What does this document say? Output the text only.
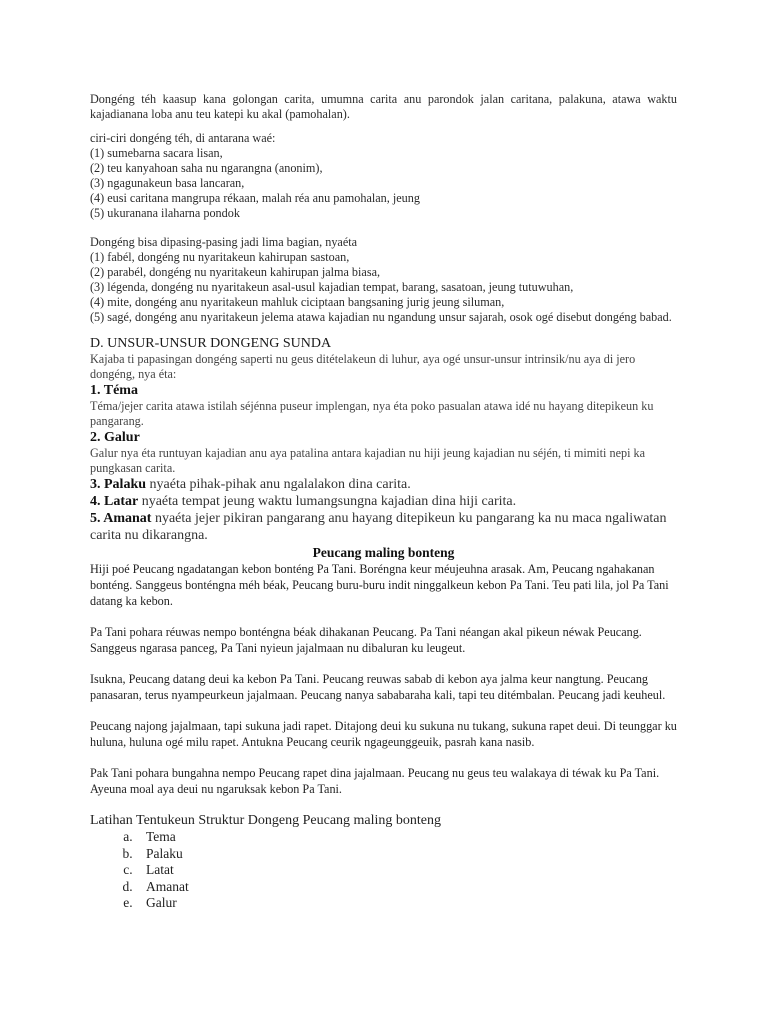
Dongéng téh kaasup kana golongan carita, umumna carita anu parondok jalan caritana, palakuna, atawa waktu kajadianana loba anu teu katepi ku akal (pamohalan).

ciri-ciri dongéng téh, di antarana waé:

(1) sumebarna sacara lisan,

(2) teu kanyahoan saha nu ngarangna (anonim),

(3) ngagunakeun basa lancaran,

(4) eusi caritana mangrupa rékaan, malah réa anu pamohalan, jeung

(5) ukuranana ilaharna pondok

Dongéng bisa dipasing-pasing jadi lima bagian, nyaéta

(1) fabél, dongéng nu nyaritakeun kahirupan sastoan,

(2) parabél, dongéng nu nyaritakeun kahirupan jalma biasa,

(3) légenda, dongéng nu nyaritakeun asal-usul kajadian tempat, barang, sasatoan, jeung tutuwuhan,

(4) mite, dongéng anu nyaritakeun mahluk ciciptaan bangsaning jurig jeung siluman,

(5) sagé, dongéng anu nyaritakeun jelema atawa kajadian nu ngandung unsur sajarah, osok ogé disebut dongéng babad.

D. UNSUR-UNSUR DONGENG SUNDA

Kajaba ti papasingan dongéng saperti nu geus ditételakeun di luhur, aya ogé unsur-unsur intrinsik/nu aya di jero dongéng, nya éta:

1. Téma

Téma/jejer carita atawa istilah séjénna puseur implengan, nya éta poko pasualan atawa idé nu hayang ditepikeun ku pangarang.

2. Galur

Galur nya éta runtuyan kajadian anu aya patalina antara kajadian nu hiji jeung kajadian nu séjén, ti mimiti nepi ka pungkasan carita.

3. Palaku nyaéta pihak-pihak anu ngalalakon dina carita.

4. Latar nyaéta tempat jeung waktu lumangsungna kajadian dina hiji carita.

5. Amanat nyaéta jejer pikiran pangarang anu hayang ditepikeun ku pangarang ka nu maca ngaliwatan carita nu dikarangna.

Peucang maling bonteng

Hiji poé Peucang ngadatangan kebon bonténg Pa Tani. Boréngna keur méujeuhna arasak. Am, Peucang ngahakanan bonténg. Sanggeus bonténgna méh béak, Peucang buru-buru indit ninggalkeun kebon Pa Tani. Teu pati lila, jol Pa Tani datang ka kebon.

Pa Tani pohara réuwas nempo bonténgna béak dihakanan Peucang. Pa Tani néangan akal pikeun néwak Peucang. Sanggeus ngarasa panceg, Pa Tani nyieun jajalmaan nu dibaluran ku leugeut.

Isukna, Peucang datang deui ka kebon Pa Tani. Peucang reuwas sabab di kebon aya jalma keur nangtung. Peucang panasaran, terus nyampeurkeun jajalmaan. Peucang nanya sababaraha kali, tapi teu ditémbalan. Peucang jadi keuheul.

Peucang najong jajalmaan, tapi sukuna jadi rapet. Ditajong deui ku sukuna nu tukang, sukuna rapet deui. Di teunggar ku huluna, huluna ogé milu rapet. Antukna Peucang ceurik ngageunggeuik, pasrah kana nasib.

Pak Tani pohara bungahna nempo Peucang rapet dina jajalmaan. Peucang nu geus teu walakaya di téwak ku Pa Tani. Ayeuna moal aya deui nu ngaruksak kebon Pa Tani.

Latihan Tentukeun Struktur Dongeng Peucang maling bonteng

a. Tema
b. Palaku
c. Latat
d. Amanat
e. Galur
